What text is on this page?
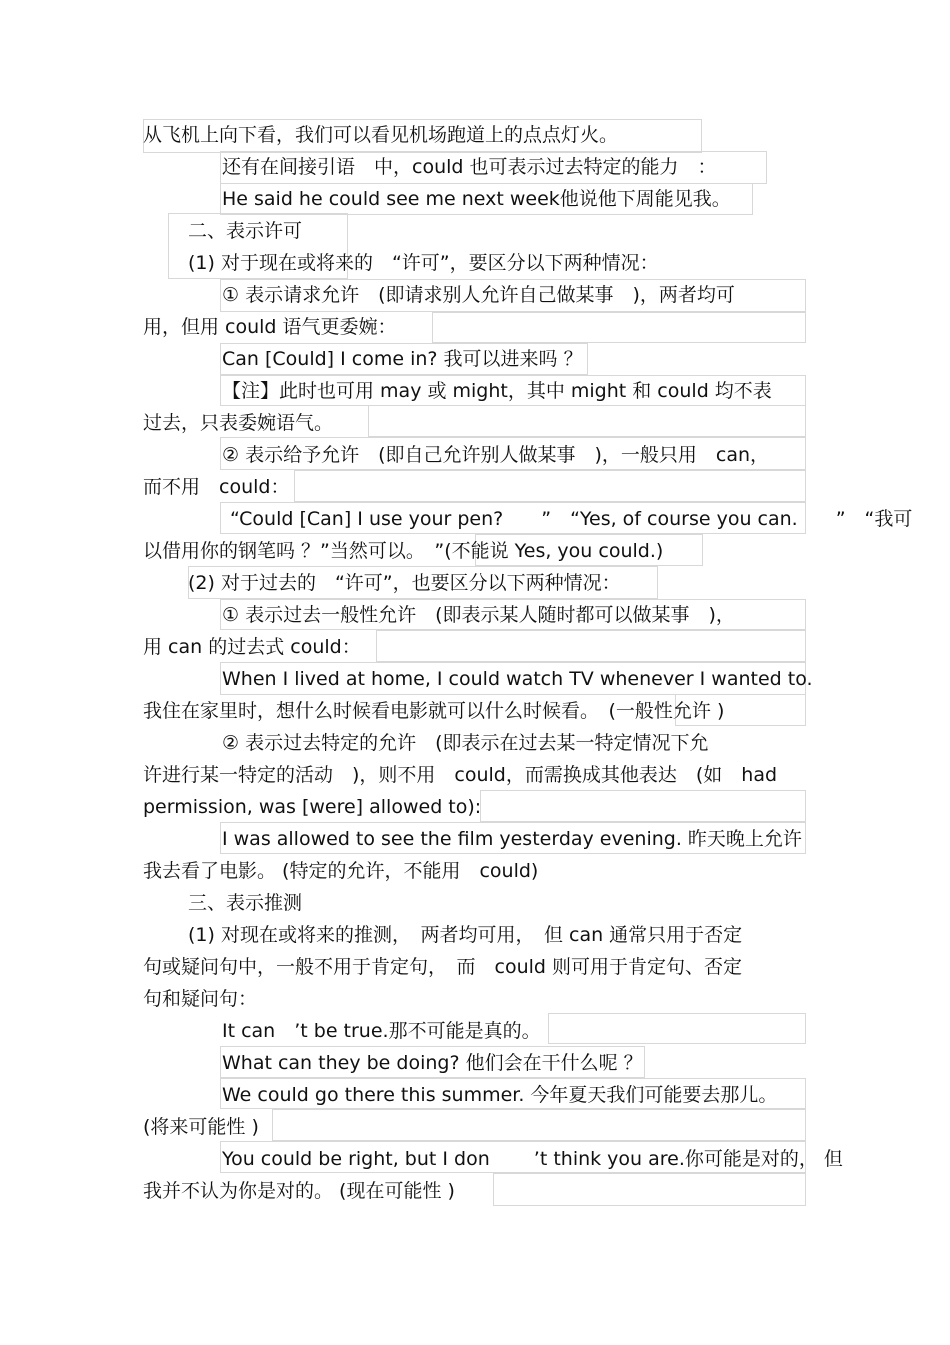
从飞机上向下看，我们可以看见机场跑道上的点点灯火。
还有在间接引语　中，could 也可表示过去特定的能力　：
He said he could see me next week他说他下周能见我。
二、表示许可
(1) 对于现在或将来的　“许可”，要区分以下两种情况：
① 表示请求允许　(即请求别人允许自己做某事　)，两者均可
用，但用 could 语气更委婉：
Can [Could] I come in? 我可以进来吗 ？
【注】此时也可用 may 或 might，其中 might 和 could 均不表
过去，只表委婉语气。
② 表示给予允许　(即自己允许别人做某事　)，一般只用　can，
而不用　could：
“Could [Can] I use your pen?　　”　“Yes, of course you can.　　”　“我可
以借用你的钢笔吗 ？”当然可以。　”(不能说 Yes, you could.)
(2) 对于过去的　“许可”，也要区分以下两种情况：
① 表示过去一般性允许　(即表示某人随时都可以做某事　)，
用 can 的过去式 could：
When I lived at home, I could watch TV whenever I wanted to.
我住在家里时，想什么时候看电影就可以什么时候看。　(一般性允许 )
② 表示过去特定的允许　(即表示在过去某一特定情况下允
许进行某一特定的活动　)，则不用　could，而需换成其他表达　(如　had
permission, was [were] allowed to):
I was allowed to see the film yesterday evening. 昨天晚上允许
我去看了电影。 (特定的允许，不能用　could)
三、表示推测
(1) 对现在或将来的推测，　两者均可用，　但 can 通常只用于否定
句或疑问句中，一般不用于肯定句，　而　could 则可用于肯定句、否定
句和疑问句：
It can　’t be true.那不可能是真的。
What can they be doing? 他们会在干什么呢 ？
We could go there this summer. 今年夏天我们可能要去那儿。
(将来可能性 )
You could be right, but I don　　 ’t think you are.你可能是对的， 但
我并不认为你是对的。 (现在可能性 )
